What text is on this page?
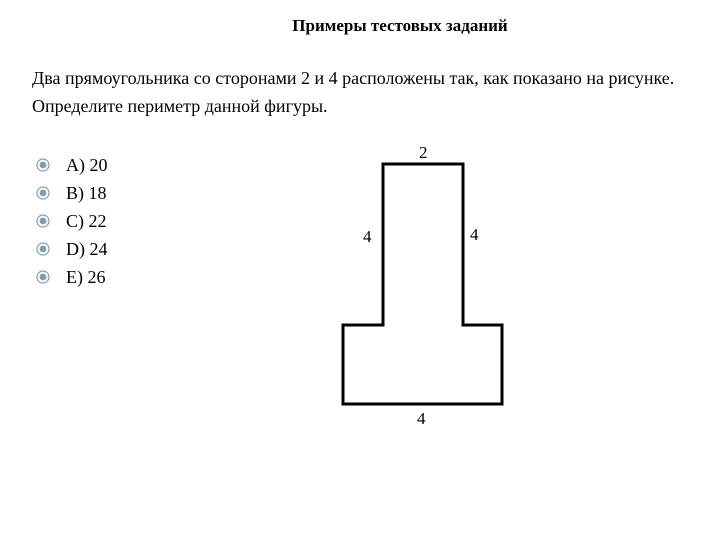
Примеры тестовых заданий
Два прямоугольника со сторонами 2 и 4 расположены так, как показано на рисунке. Определите периметр данной фигуры.
A) 20
B) 18
C) 22
D) 24
E) 26
2
4	4
4
